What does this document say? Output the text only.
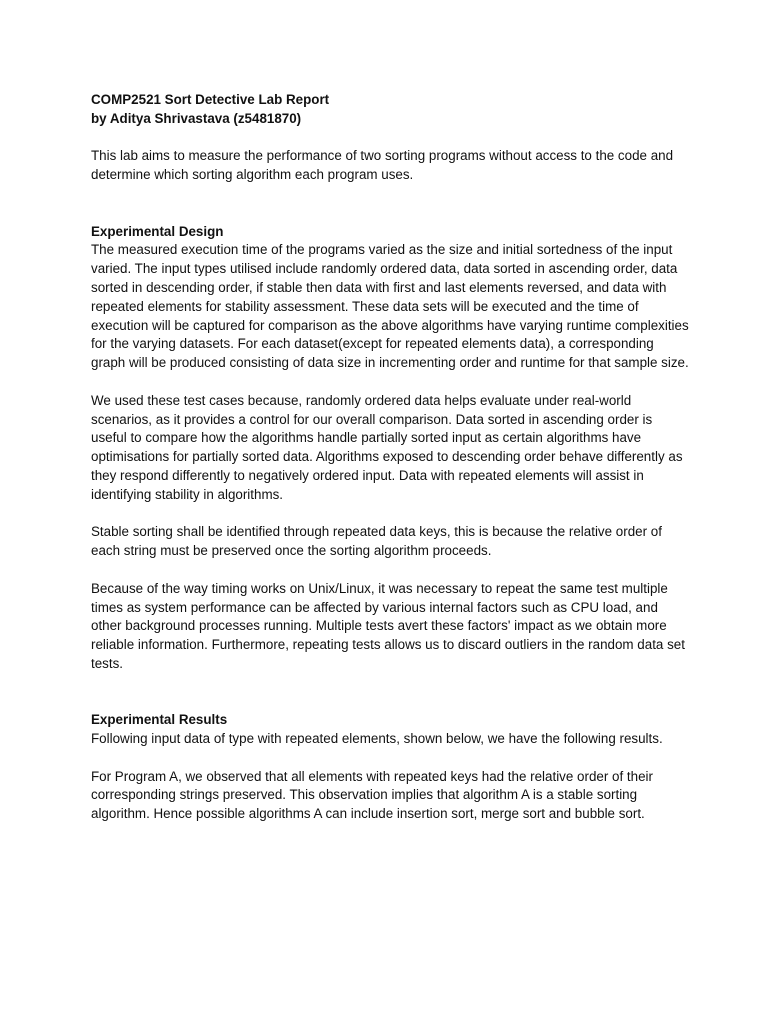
COMP2521 Sort Detective Lab Report

by Aditya Shrivastava (z5481870)

This lab aims to measure the performance of two sorting programs without access to the code and determine which sorting algorithm each program uses.

Experimental Design

The measured execution time of the programs varied as the size and initial sortedness of the input varied. The input types utilised include randomly ordered data, data sorted in ascending order, data sorted in descending order, if stable then data with first and last elements reversed, and data with repeated elements for stability assessment. These data sets will be executed and the time of execution will be captured for comparison as the above algorithms have varying runtime complexities for the varying datasets. For each dataset(except for repeated elements data), a corresponding graph will be produced consisting of data size in incrementing order and runtime for that sample size.

We used these test cases because, randomly ordered data helps evaluate under real-world scenarios, as it provides a control for our overall comparison. Data sorted in ascending order is useful to compare how the algorithms handle partially sorted input as certain algorithms have optimisations for partially sorted data. Algorithms exposed to descending order behave differently as they respond differently to negatively ordered input. Data with repeated elements will assist in identifying stability in algorithms.

Stable sorting shall be identified through repeated data keys, this is because the relative order of each string must be preserved once the sorting algorithm proceeds.

Because of the way timing works on Unix/Linux, it was necessary to repeat the same test multiple times as system performance can be affected by various internal factors such as CPU load, and other background processes running. Multiple tests avert these factors' impact as we obtain more reliable information. Furthermore, repeating tests allows us to discard outliers in the random data set tests.

Experimental Results

Following input data of type with repeated elements, shown below, we have the following results.

For Program A, we observed that all elements with repeated keys had the relative order of their corresponding strings preserved. This observation implies that algorithm A is a stable sorting algorithm. Hence possible algorithms A can include insertion sort, merge sort and bubble sort.
